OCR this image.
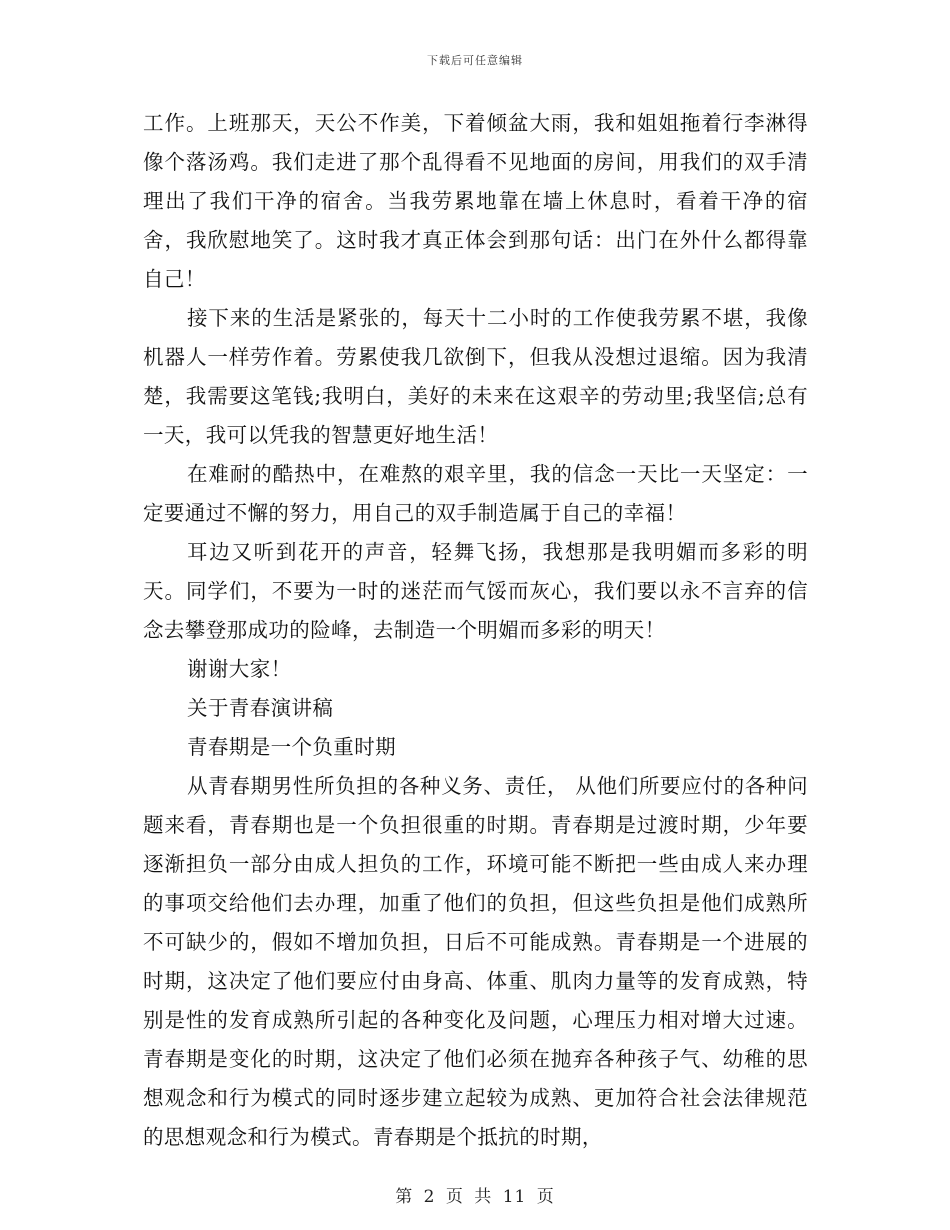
下载后可任意编辑

工作。上班那天，天公不作美，下着倾盆大雨，我和姐姐拖着行李淋得像个落汤鸡。我们走进了那个乱得看不见地面的房间，用我们的双手清理出了我们干净的宿舍。当我劳累地靠在墙上休息时，看着干净的宿舍，我欣慰地笑了。这时我才真正体会到那句话：出门在外什么都得靠自己！

接下来的生活是紧张的，每天十二小时的工作使我劳累不堪，我像机器人一样劳作着。劳累使我几欲倒下，但我从没想过退缩。因为我清楚，我需要这笔钱;我明白，美好的未来在这艰辛的劳动里;我坚信;总有一天，我可以凭我的智慧更好地生活！

在难耐的酷热中，在难熬的艰辛里，我的信念一天比一天坚定：一定要通过不懈的努力，用自己的双手制造属于自己的幸福！

耳边又听到花开的声音，轻舞飞扬，我想那是我明媚而多彩的明天。同学们，不要为一时的迷茫而气馁而灰心，我们要以永不言弃的信念去攀登那成功的险峰，去制造一个明媚而多彩的明天！

谢谢大家！

关于青春演讲稿

青春期是一个负重时期

从青春期男性所负担的各种义务、责任， 从他们所要应付的各种问题来看，青春期也是一个负担很重的时期。青春期是过渡时期，少年要逐渐担负一部分由成人担负的工作，环境可能不断把一些由成人来办理的事项交给他们去办理，加重了他们的负担，但这些负担是他们成熟所不可缺少的，假如不增加负担，日后不可能成熟。青春期是一个进展的时期，这决定了他们要应付由身高、体重、肌肉力量等的发育成熟，特别是性的发育成熟所引起的各种变化及问题，心理压力相对增大过速。青春期是变化的时期，这决定了他们必须在抛弃各种孩子气、幼稚的思想观念和行为模式的同时逐步建立起较为成熟、更加符合社会法律规范的思想观念和行为模式。青春期是个抵抗的时期，

第 2 页 共 11 页
